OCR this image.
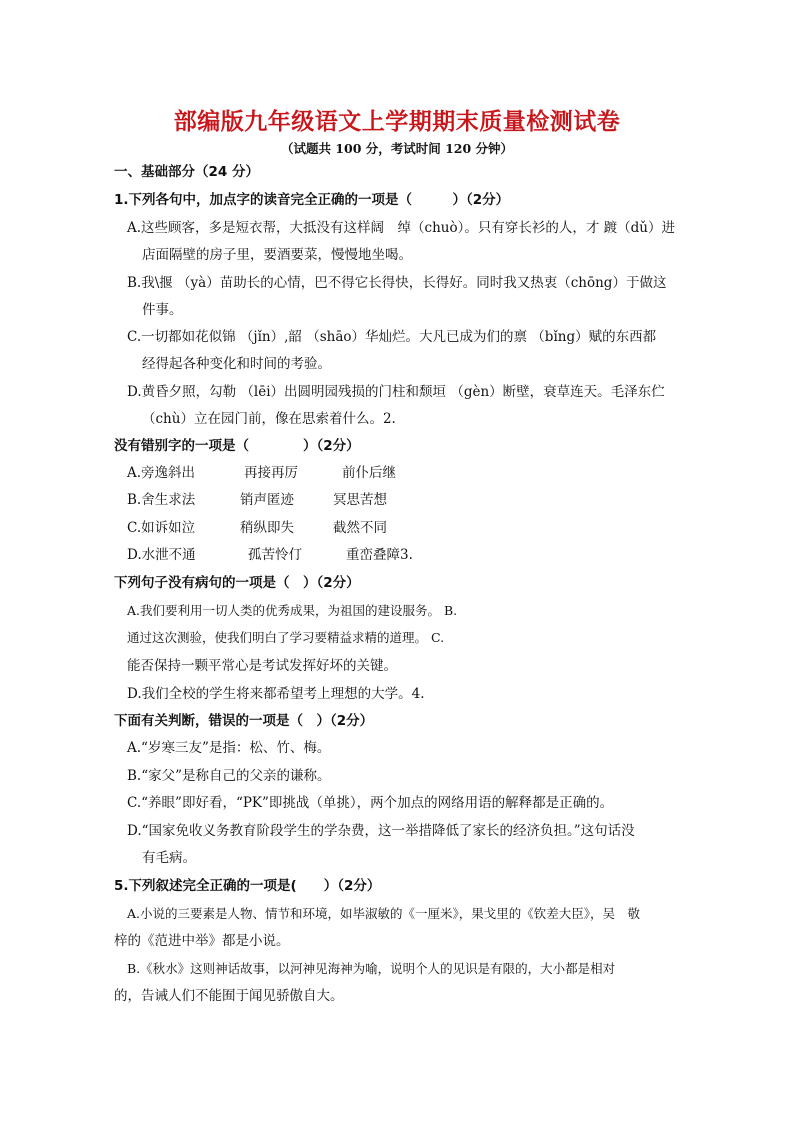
部编版九年级语文上学期期末质量检测试卷
（试题共 100 分，考试时间 120 分钟）
一、基础部分（24 分）
1.下列各句中，加点字的读音完全正确的一项是（　　　）（2分）
A.这些顾客，多是短衣帮，大抵没有这样阔　绰（chuò）。只有穿长衫的人，才 踱（dǔ）进
店面隔壁的房子里，要酒要菜，慢慢地坐喝。
B.我\揠 （yà）苗助长的心情，巴不得它长得快，长得好。同时我又热衷（chōng）于做这
件事。
C.一切都如花似锦 （jǐn）,韶 （shāo）华灿烂。大凡已成为们的禀 （bǐng）赋的东西都
经得起各种变化和时间的考验。
D.黄昏夕照，勾勒 （lēi）出圆明园残损的门柱和颓垣 （gèn）断壁，衰草连天。毛泽东伫
（chù）立在园门前，像在思索着什么。2.
没有错别字的一项是（　　　　）（2分）
A.旁逸斜出	再接再厉	前仆后继
B.舍生求法	销声匿迹	冥思苦想
C.如诉如泣	稍纵即失	截然不同
D.水泄不通	孤苦怜仃	重峦叠障3.
下列句子没有病句的一项是（　）（2分）
A.我们要利用一切人类的优秀成果，为祖国的建设服务。 B.
通过这次测验，使我们明白了学习要精益求精的道理。 C.
能否保持一颗平常心是考试发挥好坏的关键。
D.我们全校的学生将来都希望考上理想的大学。4.
下面有关判断，错误的一项是（　）（2分）
A.“岁寒三友”是指：松、竹、梅。
B.“家父”是称自己的父亲的谦称。
C.“养眼”即好看，“PK”即挑战（单挑），两个加点的网络用语的解释都是正确的。
D.“国家免收义务教育阶段学生的学杂费，这一举措降低了家长的经济负担。”这句话没
有毛病。
5.下列叙述完全正确的一项是(　　）（2分）
A.小说的三要素是人物、情节和环境，如毕淑敏的《一厘米》，果戈里的《钦差大臣》，吴　敬
梓的《范进中举》都是小说。
B.《秋水》这则神话故事，以河神见海神为喻，说明个人的见识是有限的，大小都是相对
的，告诫人们不能囿于闻见骄傲自大。
